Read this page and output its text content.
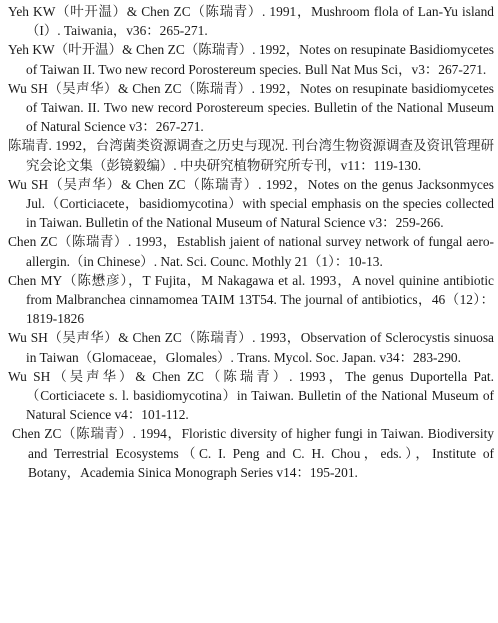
Yeh KW（叶开温）& Chen ZC（陈瑞青）. 1991，Mushroom flola of Lan-Yu island（I）. Taiwania，v36：265-271.

Yeh KW（叶开温）& Chen ZC（陈瑞青）. 1992，Notes on resupinate Basidiomycetes of Taiwan II. Two new record Porostereum species. Bull Nat Mus Sci，v3：267-271.

Wu SH（吴声华）& Chen ZC（陈瑞青）. 1992，Notes on resupinate basidiomycetes of Taiwan. II. Two new record Porostereum species. Bulletin of the National Museum of Natural Science v3：267-271.

陈瑞青. 1992，台湾菌类资源调查之历史与现况. 刊台湾生物资源调查及资讯管理研究会论文集（彭镜毅编）. 中央研究植物研究所专刊，v11：119-130.

Wu SH（吴声华）& Chen ZC（陈瑞青）. 1992，Notes on the genus Jacksonmyces Jul.（Corticiacete，basidiomycotina）with special emphasis on the species collected in Taiwan. Bulletin of the National Museum of Natural Science v3：259-266.

Chen ZC（陈瑞青）. 1993，Establish jaient of national survey network of fungal aero-allergin.（in Chinese）. Nat. Sci. Counc. Mothly 21（1）：10-13.

Chen MY（陈懋彦），T Fujita，M Nakagawa et al. 1993，A novel quinine antibiotic from Malbranchea cinnamomea TAIM 13T54. The journal of antibiotics，46（12）：1819-1826

Wu SH（吴声华）& Chen ZC（陈瑞青）. 1993，Observation of Sclerocystis sinuosa in Taiwan（Glomaceae，Glomales）. Trans. Mycol. Soc. Japan. v34：283-290.

Wu SH（吴声华）& Chen ZC（陈瑞青）. 1993，The genus Duportella Pat.（Corticiacete s. l. basidiomycotina）in Taiwan. Bulletin of the National Museum of Natural Science v4：101-112.

Chen ZC（陈瑞青）. 1994，Floristic diversity of higher fungi in Taiwan. Biodiversity and Terrestrial Ecosystems（C. I. Peng and C. H. Chou，eds.），Institute of Botany，Academia Sinica Monograph Series v14：195-201.
